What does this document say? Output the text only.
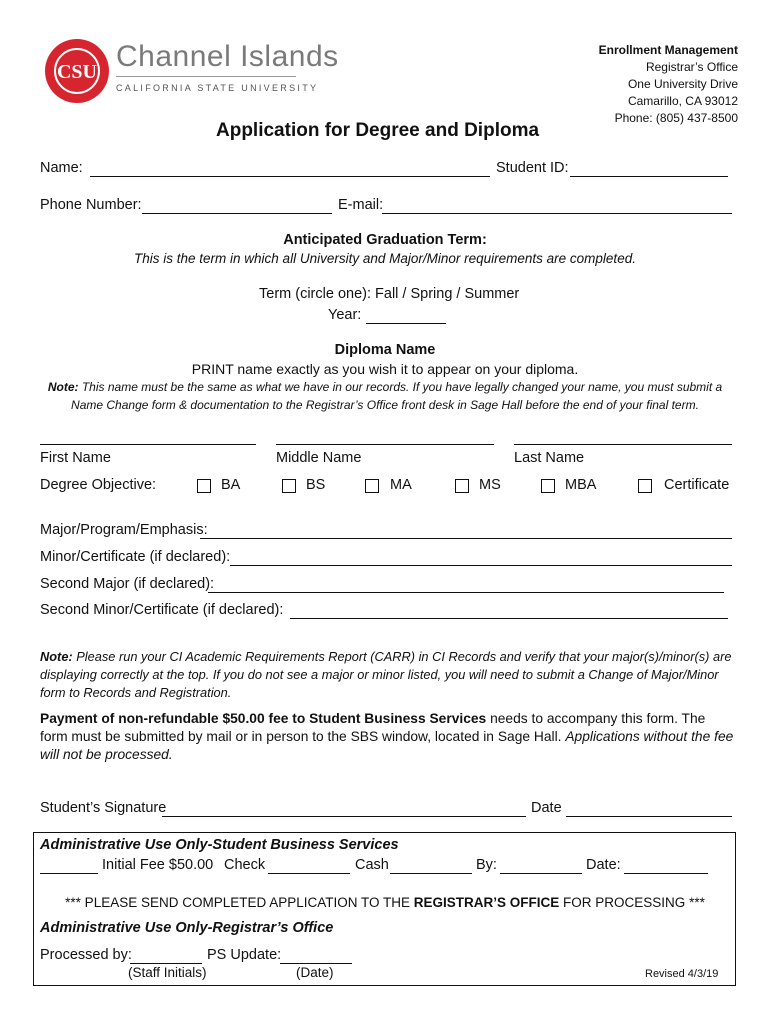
CSU Channel Islands
CALIFORNIA STATE UNIVERSITY
Enrollment Management
Registrar’s Office
One University Drive
Camarillo, CA 93012
Phone: (805) 437-8500
Application for Degree and Diploma
Name:	Student ID:
Phone Number:	E-mail:
Anticipated Graduation Term:
This is the term in which all University and Major/Minor requirements are completed.
Term (circle one): Fall / Spring / Summer
Year:
Diploma Name
PRINT name exactly as you wish it to appear on your diploma.
Note: This name must be the same as what we have in our records. If you have legally changed your name, you must submit a
Name Change form & documentation to the Registrar’s Office front desk in Sage Hall before the end of your final term.
First Name	Middle Name	Last Name
Degree Objective:	BA	BS	MA	MS	MBA	Certificate
Major/Program/Emphasis:
Minor/Certificate (if declared):
Second Major (if declared):
Second Minor/Certificate (if declared):
Note: Please run your CI Academic Requirements Report (CARR) in CI Records and verify that your major(s)/minor(s) are
displaying correctly at the top. If you do not see a major or minor listed, you will need to submit a Change of Major/Minor
form to Records and Registration.
Payment of non-refundable $50.00 fee to Student Business Services needs to accompany this form. The
form must be submitted by mail or in person to the SBS window, located in Sage Hall. Applications without the fee
will not be processed.
Student’s Signature	Date
Administrative Use Only-Student Business Services
Initial Fee $50.00 Check	Cash	By:	Date:
*** PLEASE SEND COMPLETED APPLICATION TO THE REGISTRAR’S OFFICE FOR PROCESSING ***
Administrative Use Only-Registrar’s Office
Processed by:	PS Update:
(Staff Initials)	(Date)	Revised 4/3/19
